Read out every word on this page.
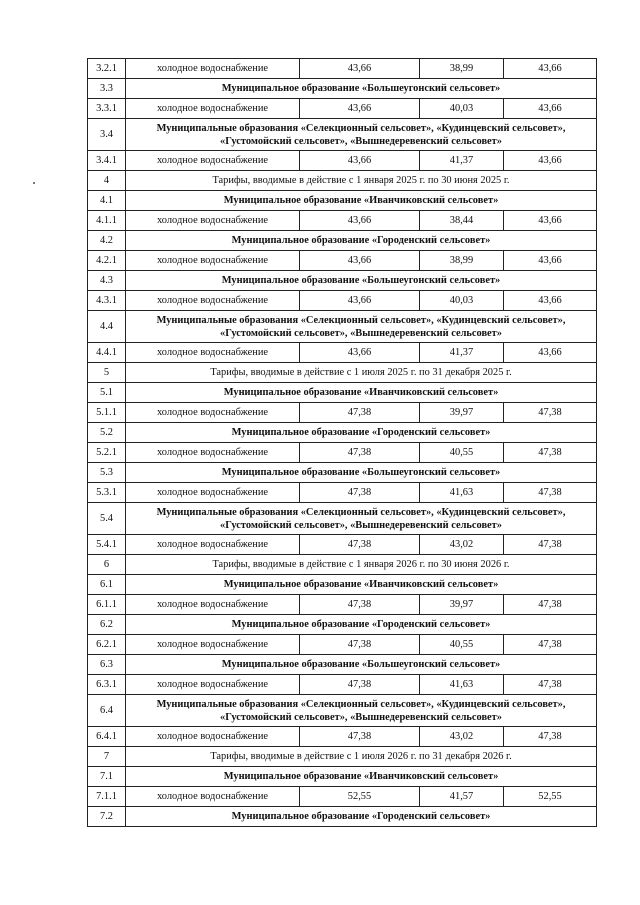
3.2.1	холодное водоснабжение	43,66	38,99	43,66
3.3	Муниципальное образование «Большеугонский сельсовет»			
3.3.1	холодное водоснабжение	43,66	40,03	43,66
3.4	Муниципальные образования «Селекционный сельсовет», «Кудинцевский сельсовет», «Густомойский сельсовет», «Вышнедеревенский сельсовет»			
3.4.1	холодное водоснабжение	43,66	41,37	43,66
4	Тарифы, вводимые в действие с 1 января 2025 г. по 30 июня 2025 г.			
4.1	Муниципальное образование «Иванчиковский сельсовет»			
4.1.1	холодное водоснабжение	43,66	38,44	43,66
4.2	Муниципальное образование «Городенский сельсовет»			
4.2.1	холодное водоснабжение	43,66	38,99	43,66
4.3	Муниципальное образование «Большеугонский сельсовет»			
4.3.1	холодное водоснабжение	43,66	40,03	43,66
4.4	Муниципальные образования «Селекционный сельсовет», «Кудинцевский сельсовет», «Густомойский сельсовет», «Вышнедеревенский сельсовет»			
4.4.1	холодное водоснабжение	43,66	41,37	43,66
5	Тарифы, вводимые в действие с 1 июля 2025 г. по 31 декабря 2025 г.			
5.1	Муниципальное образование «Иванчиковский сельсовет»			
5.1.1	холодное водоснабжение	47,38	39,97	47,38
5.2	Муниципальное образование «Городенский сельсовет»			
5.2.1	холодное водоснабжение	47,38	40,55	47,38
5.3	Муниципальное образование «Большеугонский сельсовет»			
5.3.1	холодное водоснабжение	47,38	41,63	47,38
5.4	Муниципальные образования «Селекционный сельсовет», «Кудинцевский сельсовет», «Густомойский сельсовет», «Вышнедеревенский сельсовет»			
5.4.1	холодное водоснабжение	47,38	43,02	47,38
6	Тарифы, вводимые в действие с 1 января 2026 г. по 30 июня 2026 г.			
6.1	Муниципальное образование «Иванчиковский сельсовет»			
6.1.1	холодное водоснабжение	47,38	39,97	47,38
6.2	Муниципальное образование «Городенский сельсовет»			
6.2.1	холодное водоснабжение	47,38	40,55	47,38
6.3	Муниципальное образование «Большеугонский сельсовет»			
6.3.1	холодное водоснабжение	47,38	41,63	47,38
6.4	Муниципальные образования «Селекционный сельсовет», «Кудинцевский сельсовет», «Густомойский сельсовет», «Вышнедеревенский сельсовет»			
6.4.1	холодное водоснабжение	47,38	43,02	47,38
7	Тарифы, вводимые в действие с 1 июля 2026 г. по 31 декабря 2026 г.			
7.1	Муниципальное образование «Иванчиковский сельсовет»			
7.1.1	холодное водоснабжение	52,55	41,57	52,55
7.2	Муниципальное образование «Городенский сельсовет»			
